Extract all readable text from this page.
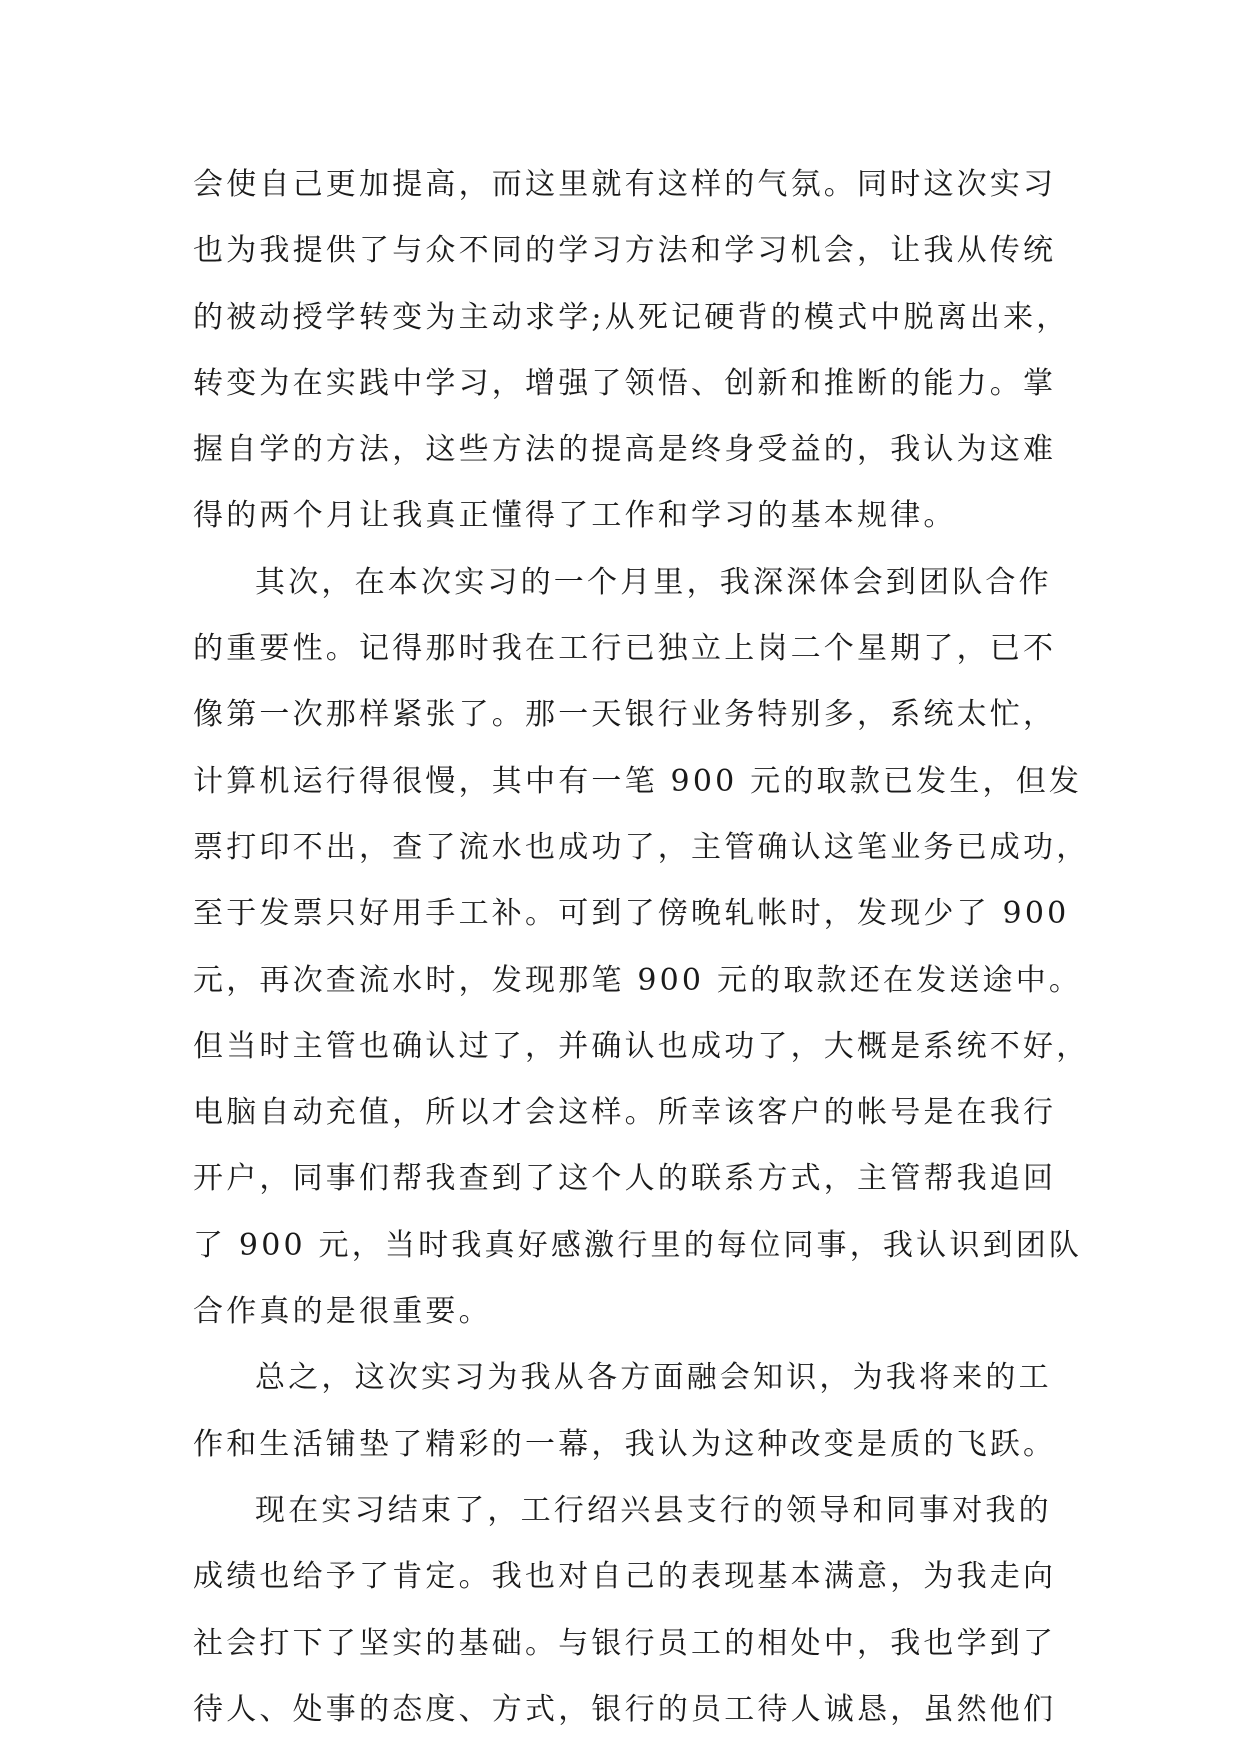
会使自己更加提高，而这里就有这样的气氛。同时这次实习
也为我提供了与众不同的学习方法和学习机会，让我从传统
的被动授学转变为主动求学;从死记硬背的模式中脱离出来，
转变为在实践中学习，增强了领悟、创新和推断的能力。掌
握自学的方法，这些方法的提高是终身受益的，我认为这难
得的两个月让我真正懂得了工作和学习的基本规律。

其次，在本次实习的一个月里，我深深体会到团队合作
的重要性。记得那时我在工行已独立上岗二个星期了，已不
像第一次那样紧张了。那一天银行业务特别多，系统太忙，
计算机运行得很慢，其中有一笔 900 元的取款已发生，但发
票打印不出，查了流水也成功了，主管确认这笔业务已成功，
至于发票只好用手工补。可到了傍晚轧帐时，发现少了 900
元，再次查流水时，发现那笔 900 元的取款还在发送途中。
但当时主管也确认过了，并确认也成功了，大概是系统不好，
电脑自动充值，所以才会这样。所幸该客户的帐号是在我行
开户，同事们帮我查到了这个人的联系方式，主管帮我追回
了 900 元，当时我真好感激行里的每位同事，我认识到团队
合作真的是很重要。

总之，这次实习为我从各方面融会知识，为我将来的工
作和生活铺垫了精彩的一幕，我认为这种改变是质的飞跃。

现在实习结束了，工行绍兴县支行的领导和同事对我的
成绩也给予了肯定。我也对自己的表现基本满意，为我走向
社会打下了坚实的基础。与银行员工的相处中，我也学到了
待人、处事的态度、方式，银行的员工待人诚恳，虽然他们
